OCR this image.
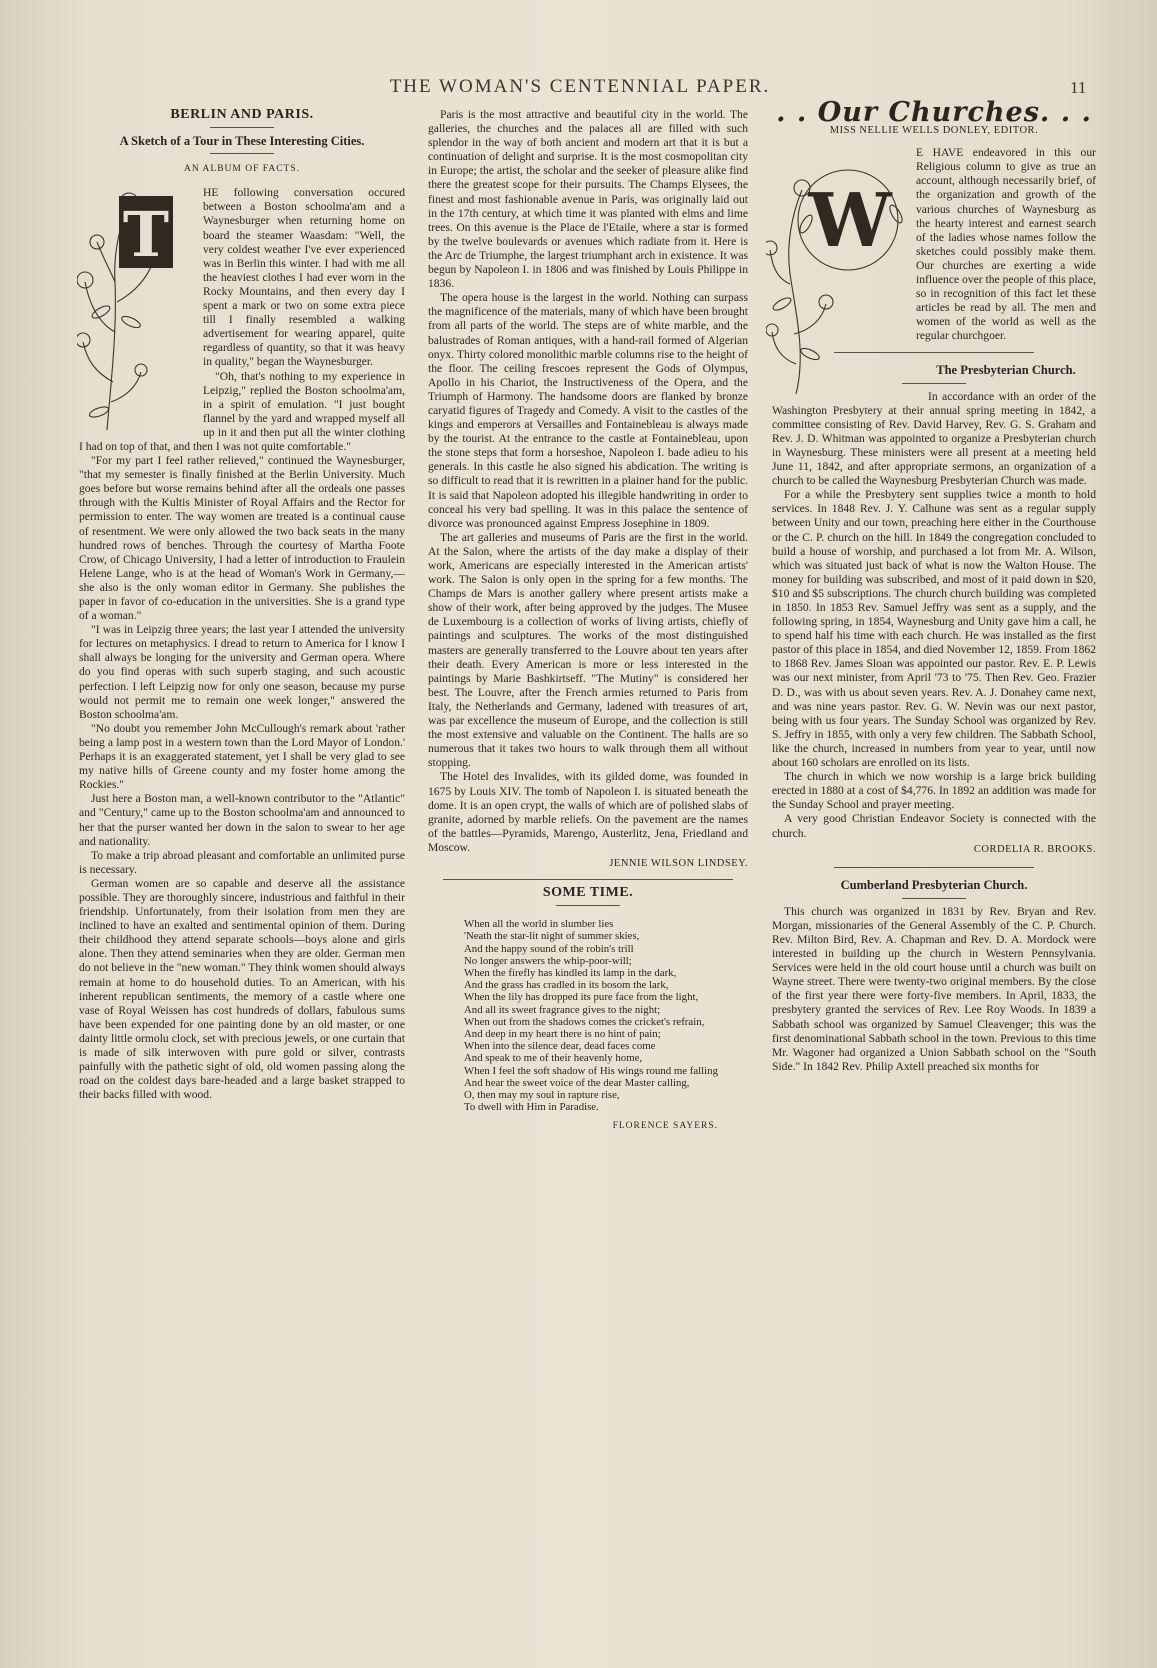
THE WOMAN'S CENTENNIAL PAPER.	11
BERLIN AND PARIS.
A Sketch of a Tour in These Interesting Cities.
AN ALBUM OF FACTS.
T

HE following conversation occured between a Boston schoolma'am and a Waynesburger when returning home on board the steamer Waasdam: "Well, the very coldest weather I've ever experienced was in Berlin this winter. I had with me all the heaviest clothes I had ever worn in the Rocky Mountains, and then every day I spent a mark or two on some extra piece till I finally resembled a walking advertisement for wearing apparel, quite regardless of quantity, so that it was heavy in quality," began the Waynesburger.

"Oh, that's nothing to my experience in Leipzig," replied the Boston schoolma'am, in a spirit of emulation. "I just bought flannel by the yard and wrapped myself all up in it and then put all the winter clothing I had on top of that, and then I was not quite comfortable."

"For my part I feel rather relieved," continued the Waynesburger, "that my semester is finally finished at the Berlin University. Much goes before but worse remains behind after all the ordeals one passes through with the Kultis Minister of Royal Affairs and the Rector for permission to enter. The way women are treated is a continual cause of resentment. We were only allowed the two back seats in the many hundred rows of benches. Through the courtesy of Martha Foote Crow, of Chicago University, I had a letter of introduction to Fraulein Helene Lange, who is at the head of Woman's Work in Germany,—she also is the only woman editor in Germany. She publishes the paper in favor of co-education in the universities. She is a grand type of a woman."

"I was in Leipzig three years; the last year I attended the university for lectures on metaphysics. I dread to return to America for I know I shall always be longing for the university and German opera. Where do you find operas with such superb staging, and such acoustic perfection. I left Leipzig now for only one season, because my purse would not permit me to remain one week longer," answered the Boston schoolma'am.

"No doubt you remember John McCullough's remark about 'rather being a lamp post in a western town than the Lord Mayor of London.' Perhaps it is an exaggerated statement, yet I shall be very glad to see my native hills of Greene county and my foster home among the Rockies."

Just here a Boston man, a well-known contributor to the "Atlantic" and "Century," came up to the Boston schoolma'am and announced to her that the purser wanted her down in the salon to swear to her age and nationality.

To make a trip abroad pleasant and comfortable an unlimited purse is necessary.

German women are so capable and deserve all the assistance possible. They are thoroughly sincere, industrious and faithful in their friendship. Unfortunately, from their isolation from men they are inclined to have an exalted and sentimental opinion of them. During their childhood they attend separate schools—boys alone and girls alone. Then they attend seminaries when they are older. German men do not believe in the "new woman." They think women should always remain at home to do household duties. To an American, with his inherent republican sentiments, the memory of a castle where one vase of Royal Weissen has cost hundreds of dollars, fabulous sums have been expended for one painting done by an old master, or one dainty little ormolu clock, set with precious jewels, or one curtain that is made of silk interwoven with pure gold or silver, contrasts painfully with the pathetic sight of old, old women passing along the road on the coldest days bare-headed and a large basket strapped to their backs filled with wood.

Paris is the most attractive and beautiful city in the world. The galleries, the churches and the palaces all are filled with such splendor in the way of both ancient and modern art that it is but a continuation of delight and surprise. It is the most cosmopolitan city in Europe; the artist, the scholar and the seeker of pleasure alike find there the greatest scope for their pursuits. The Champs Elysees, the finest and most fashionable avenue in Paris, was originally laid out in the 17th century, at which time it was planted with elms and lime trees. On this avenue is the Place de l'Etaile, where a star is formed by the twelve boulevards or avenues which radiate from it. Here is the Arc de Triumphe, the largest triumphant arch in existence. It was begun by Napoleon I. in 1806 and was finished by Louis Philippe in 1836.

The opera house is the largest in the world. Nothing can surpass the magnificence of the materials, many of which have been brought from all parts of the world. The steps are of white marble, and the balustrades of Roman antiques, with a hand-rail formed of Algerian onyx. Thirty colored monolithic marble columns rise to the height of the floor. The ceiling frescoes represent the Gods of Olympus, Apollo in his Chariot, the Instructiveness of the Opera, and the Triumph of Harmony. The handsome doors are flanked by bronze caryatid figures of Tragedy and Comedy. A visit to the castles of the kings and emperors at Versailles and Fontainebleau is always made by the tourist. At the entrance to the castle at Fontainebleau, upon the stone steps that form a horseshoe, Napoleon I. bade adieu to his generals. In this castle he also signed his abdication. The writing is so difficult to read that it is rewritten in a plainer hand for the public. It is said that Napoleon adopted his illegible handwriting in order to conceal his very bad spelling. It was in this palace the sentence of divorce was pronounced against Empress Josephine in 1809.

The art galleries and museums of Paris are the first in the world. At the Salon, where the artists of the day make a display of their work, Americans are especially interested in the American artists' work. The Salon is only open in the spring for a few months. The Champs de Mars is another gallery where present artists make a show of their work, after being approved by the judges. The Musee de Luxembourg is a collection of works of living artists, chiefly of paintings and sculptures. The works of the most distinguished masters are generally transferred to the Louvre about ten years after their death. Every American is more or less interested in the paintings by Marie Bashkirtseff. "The Mutiny" is considered her best. The Louvre, after the French armies returned to Paris from Italy, the Netherlands and Germany, ladened with treasures of art, was par excellence the museum of Europe, and the collection is still the most extensive and valuable on the Continent. The halls are so numerous that it takes two hours to walk through them all without stopping.

The Hotel des Invalides, with its gilded dome, was founded in 1675 by Louis XIV. The tomb of Napoleon I. is situated beneath the dome. It is an open crypt, the walls of which are of polished slabs of granite, adorned by marble reliefs. On the pavement are the names of the battles—Pyramids, Marengo, Austerlitz, Jena, Friedland and Moscow.

JENNIE WILSON LINDSEY.
SOME TIME.
When all the world in slumber lies
'Neath the star-lit night of summer skies,
And the happy sound of the robin's trill
No longer answers the whip-poor-will;
When the firefly has kindled its lamp in the dark,
And the grass has cradled in its bosom the lark,
When the lily has dropped its pure face from the light,
And all its sweet fragrance gives to the night;
When out from the shadows comes the cricket's refrain,
And deep in my heart there is no hint of pain;
When into the silence dear, dead faces come
And speak to me of their heavenly home,
When I feel the soft shadow of His wings round me falling
And hear the sweet voice of the dear Master calling,
O, then may my soul in rapture rise,
To dwell with Him in Paradise.
FLORENCE SAYERS.
. . Our Churches. . .
MISS NELLIE WELLS DONLEY, EDITOR.
W

E HAVE endeavored in this our Religious column to give as true an account, although necessarily brief, of the organization and growth of the various churches of Waynesburg as the hearty interest and earnest search of the ladies whose names follow the sketches could possibly make them. Our churches are exerting a wide influence over the people of this place, so in recognition of this fact let these articles be read by all. The men and women of the world as well as the regular churchgoer.

The Presbyterian Church.

In accordance with an order of the Washington Presbytery at their annual spring meeting in 1842, a committee consisting of Rev. David Harvey, Rev. G. S. Graham and Rev. J. D. Whitman was appointed to organize a Presbyterian church in Waynesburg. These ministers were all present at a meeting held June 11, 1842, and after appropriate sermons, an organization of a church to be called the Waynesburg Presbyterian Church was made.

For a while the Presbytery sent supplies twice a month to hold services. In 1848 Rev. J. Y. Calhune was sent as a regular supply between Unity and our town, preaching here either in the Courthouse or the C. P. church on the hill. In 1849 the congregation concluded to build a house of worship, and purchased a lot from Mr. A. Wilson, which was situated just back of what is now the Walton House. The money for building was subscribed, and most of it paid down in $20, $10 and $5 subscriptions. The church church building was completed in 1850. In 1853 Rev. Samuel Jeffry was sent as a supply, and the following spring, in 1854, Waynesburg and Unity gave him a call, he to spend half his time with each church. He was installed as the first pastor of this place in 1854, and died November 12, 1859. From 1862 to 1868 Rev. James Sloan was appointed our pastor. Rev. E. P. Lewis was our next minister, from April '73 to '75. Then Rev. Geo. Frazier D. D., was with us about seven years. Rev. A. J. Donahey came next, and was nine years pastor. Rev. G. W. Nevin was our next pastor, being with us four years. The Sunday School was organized by Rev. S. Jeffry in 1855, with only a very few children. The Sabbath School, like the church, increased in numbers from year to year, until now about 160 scholars are enrolled on its lists.

The church in which we now worship is a large brick building erected in 1880 at a cost of $4,776. In 1892 an addition was made for the Sunday School and prayer meeting.

A very good Christian Endeavor Society is connected with the church.

CORDELIA R. BROOKS.
Cumberland Presbyterian Church.

This church was organized in 1831 by Rev. Bryan and Rev. Morgan, missionaries of the General Assembly of the C. P. Church. Rev. Milton Bird, Rev. A. Chapman and Rev. D. A. Mordock were interested in building up the church in Western Pennsylvania. Services were held in the old court house until a church was built on Wayne street. There were twenty-two original members. By the close of the first year there were forty-five members. In April, 1833, the presbytery granted the services of Rev. Lee Roy Woods. In 1839 a Sabbath school was organized by Samuel Cleavenger; this was the first denominational Sabbath school in the town. Previous to this time Mr. Wagoner had organized a Union Sabbath school on the "South Side." In 1842 Rev. Philip Axtell preached six months for
